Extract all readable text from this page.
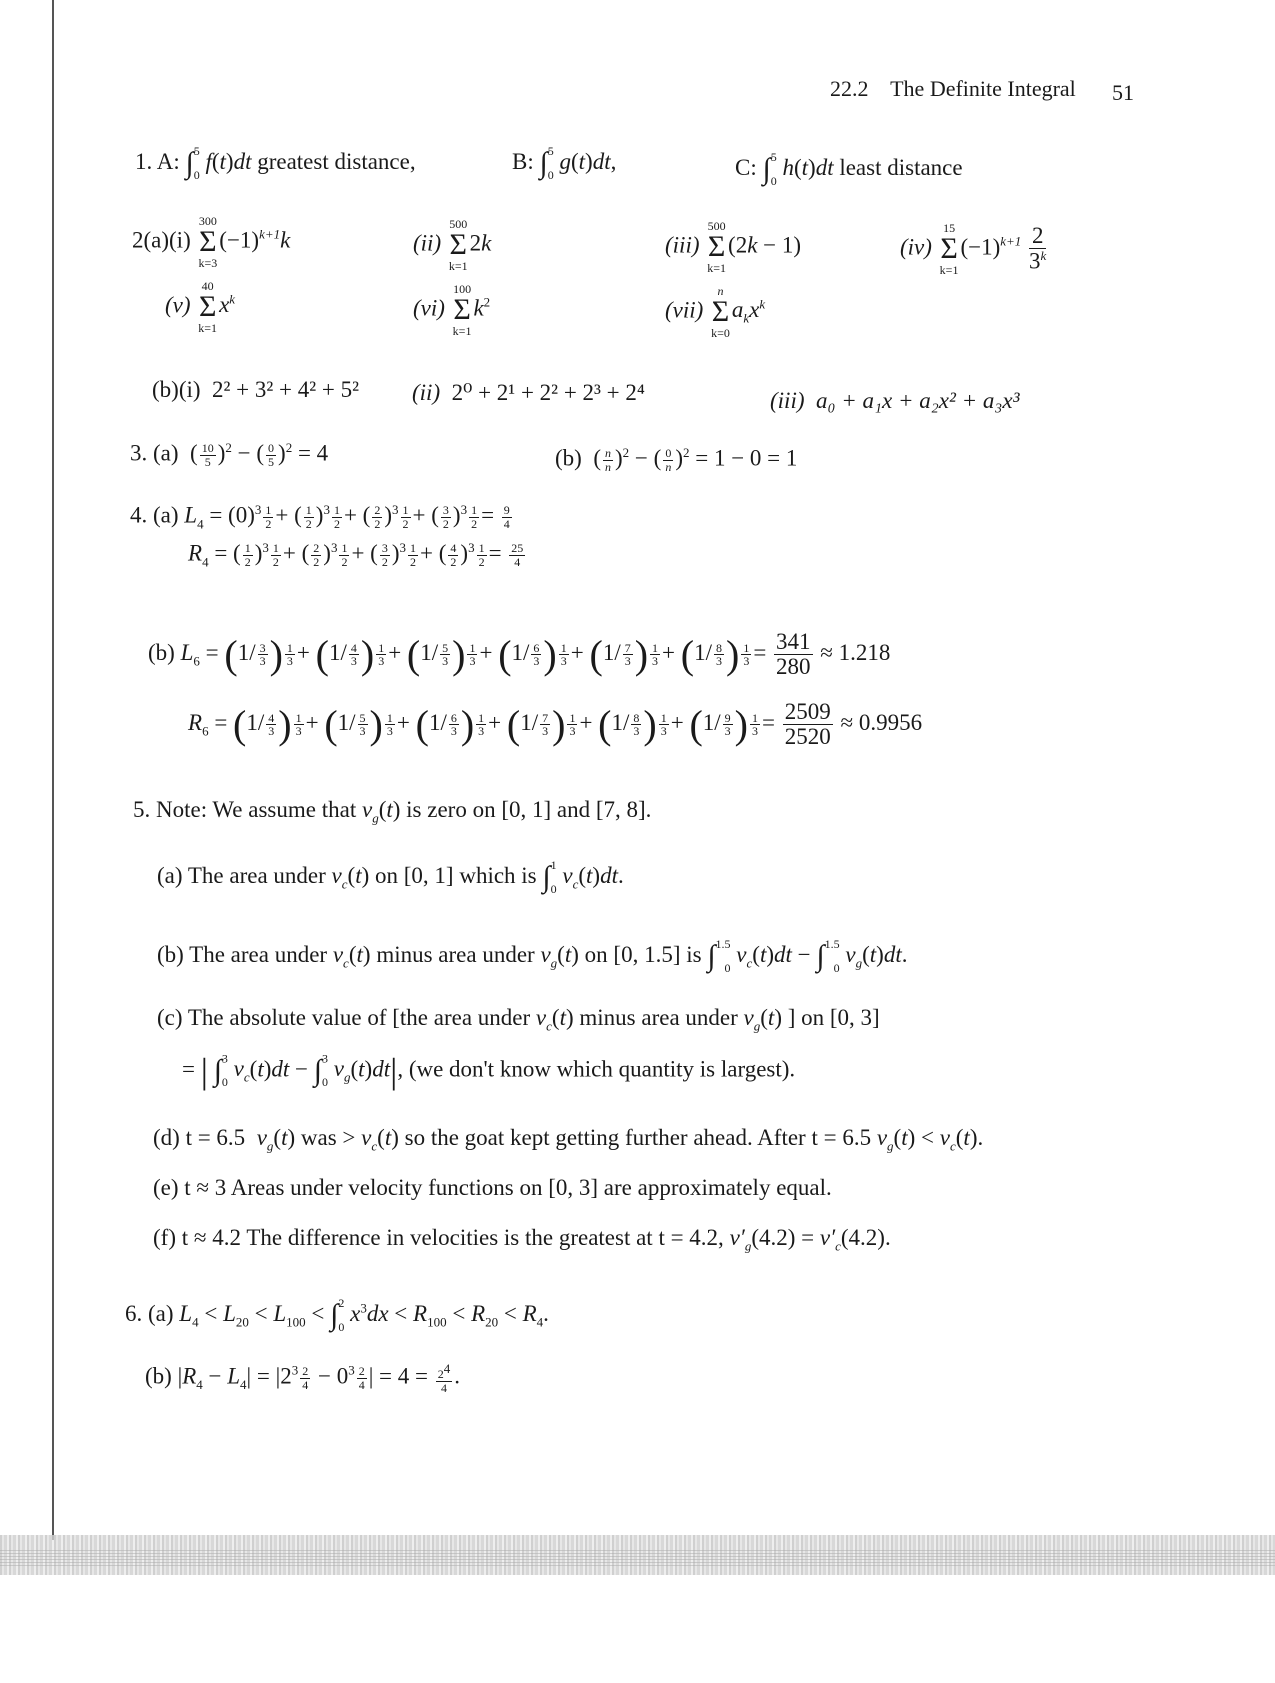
22.2 The Definite Integral 51
1. A: ∫$^5_0$ f(t)dt greatest distance,	B: ∫$^5_0$ g(t)dt,	C: ∫$^5_0$ h(t)dt least distance
2(a)(i)
300
Σ
k=3
$(-1)^{k+1}k$	(ii)
500
Σ
k=1
2k	(iii)
500
Σ
k=1
(2k − 1)	(iv)
15
Σ
k=1
$(-1)^{k+1} \frac{2}{3^k}$
(v)
40
Σ
k=1
$x^k$	(vi)
100
Σ
k=1
$k^2$	(vii)
n
Σ
k=0
$a_kx^k$
(b)(i) 2² + 3² + 4² + 5² (ii) 2⁰ + 2¹ + 2² + 2³ + 2⁴	(iii) a₀ + a₁x + a₂x² + a₃x³
3. (a)  ( $\frac{10}{5} )^2$ − ( $\frac{0}{5} )^2 = 4$	(b)  ( $\frac{n}{n} )^2$ − ( $\frac{0}{n} )^2 = 1 - 0 = 1$
4. (a) $L_4 = (0)^3 \frac{1}{2}$ + ( $\frac{1}{2} )^3 \frac{1}{2}$ + ( $\frac{2}{2} )^3 \frac{1}{2}$ + ( $\frac{3}{2} )^3 \frac{1}{2} = \frac{9}{4}$
$R_4$ = ( $\frac{1}{2} )^3 \frac{1}{2}$ + ( $\frac{2}{2} )^3 \frac{1}{2}$ + ( $\frac{3}{2} )^3 \frac{1}{2}$ + ( $\frac{4}{2} )^3 \frac{1}{2} = \frac{25}{4}$
(b) $L_6 = (1/ \frac{3}{3}$ ) $\frac{1}{3} + (1/ \frac{4}{3}$ ) $\frac{1}{3} + (1/ \frac{5}{3}$ ) $\frac{1}{3} + (1/ \frac{6}{3}$ ) $\frac{1}{3} + (1/ \frac{7}{3}$ ) $\frac{1}{3} + (1/ \frac{8}{3}$ ) $\frac{1}{3} = \frac{341}{280} \approx 1.218$
$R_6 = (1/ \frac{4}{3}$ ) $\frac{1}{3} + (1/ \frac{5}{3}$ ) $\frac{1}{3} + (1/ \frac{6}{3}$ ) $\frac{1}{3} + (1/ \frac{7}{3}$ ) $\frac{1}{3} + (1/ \frac{8}{3}$ ) $\frac{1}{3} + (1/ \frac{9}{3}$ ) $\frac{1}{3} = \frac{2509}{2520} \approx 0.9956$
5. Note: We assume that $v_g(t)$ is zero on [0, 1] and [7, 8].
(a) The area under $v_c(t)$ on [0, 1] which is ∫$^1_0$ $v_c(t)dt$.
(b) The area under $v_c(t)$ minus area under $v_g(t)$ on [0, 1.5] is ∫$^{1.5}_0$ $v_c(t)dt - \int^{1.5}_0$ $v_g(t)dt$.
(c) The absolute value of [the area under $v_c(t)$ minus area under $v_g(t)$ ] on [0, 3]
= | ∫$^3_0$ $v_c(t)dt - \int^3_0$ $v_g(t)dt|$, (we don't know which quantity is largest).
(d) t = 6.5 $v_g(t)$ was > $v_c(t)$ so the goat kept getting further ahead. After t = 6.5 $v_g(t) < v_c(t)$.
(e) t ≈ 3 Areas under velocity functions on [0, 3] are approximately equal.
(f) t ≈ 4.2 The difference in velocities is the greatest at t = 4.2, $v'_g(4.2) = v'_c(4.2)$.
6. (a) $L_4 < L_{20} < L_{100} < \int^2_0$ $x^3dx < R_{100} < R_{20} < R_4$.
(b) $|R_4 - L_4| = |2^3 \frac{2}{4} - 0^3 \frac{2}{4}$ | = $4 = \frac{2^4}{4}$ .
